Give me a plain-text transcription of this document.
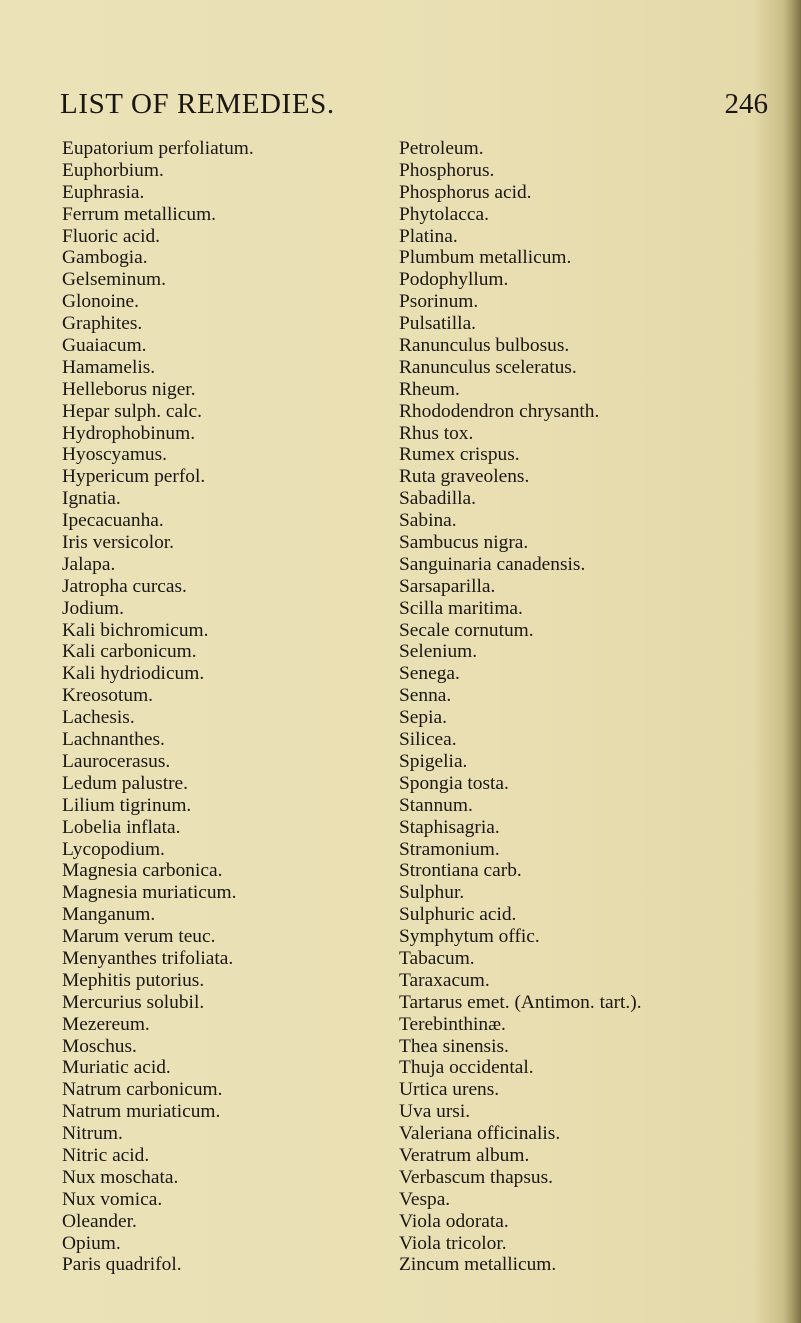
LIST OF REMEDIES.	246
Eupatorium perfoliatum.
Euphorbium.
Euphrasia.
Ferrum metallicum.
Fluoric acid.
Gambogia.
Gelseminum.
Glonoine.
Graphites.
Guaiacum.
Hamamelis.
Helleborus niger.
Hepar sulph. calc.
Hydrophobinum.
Hyoscyamus.
Hypericum perfol.
Ignatia.
Ipecacuanha.
Iris versicolor.
Jalapa.
Jatropha curcas.
Jodium.
Kali bichromicum.
Kali carbonicum.
Kali hydriodicum.
Kreosotum.
Lachesis.
Lachnanthes.
Laurocerasus.
Ledum palustre.
Lilium tigrinum.
Lobelia inflata.
Lycopodium.
Magnesia carbonica.
Magnesia muriaticum.
Manganum.
Marum verum teuc.
Menyanthes trifoliata.
Mephitis putorius.
Mercurius solubil.
Mezereum.
Moschus.
Muriatic acid.
Natrum carbonicum.
Natrum muriaticum.
Nitrum.
Nitric acid.
Nux moschata.
Nux vomica.
Oleander.
Opium.
Paris quadrifol.
Petroleum.
Phosphorus.
Phosphorus acid.
Phytolacca.
Platina.
Plumbum metallicum.
Podophyllum.
Psorinum.
Pulsatilla.
Ranunculus bulbosus.
Ranunculus sceleratus.
Rheum.
Rhododendron chrysanth.
Rhus tox.
Rumex crispus.
Ruta graveolens.
Sabadilla.
Sabina.
Sambucus nigra.
Sanguinaria canadensis.
Sarsaparilla.
Scilla maritima.
Secale cornutum.
Selenium.
Senega.
Senna.
Sepia.
Silicea.
Spigelia.
Spongia tosta.
Stannum.
Staphisagria.
Stramonium.
Strontiana carb.
Sulphur.
Sulphuric acid.
Symphytum offic.
Tabacum.
Taraxacum.
Tartarus emet. (Antimon. tart.).
Terebinthinæ.
Thea sinensis.
Thuja occidental.
Urtica urens.
Uva ursi.
Valeriana officinalis.
Veratrum album.
Verbascum thapsus.
Vespa.
Viola odorata.
Viola tricolor.
Zincum metallicum.
